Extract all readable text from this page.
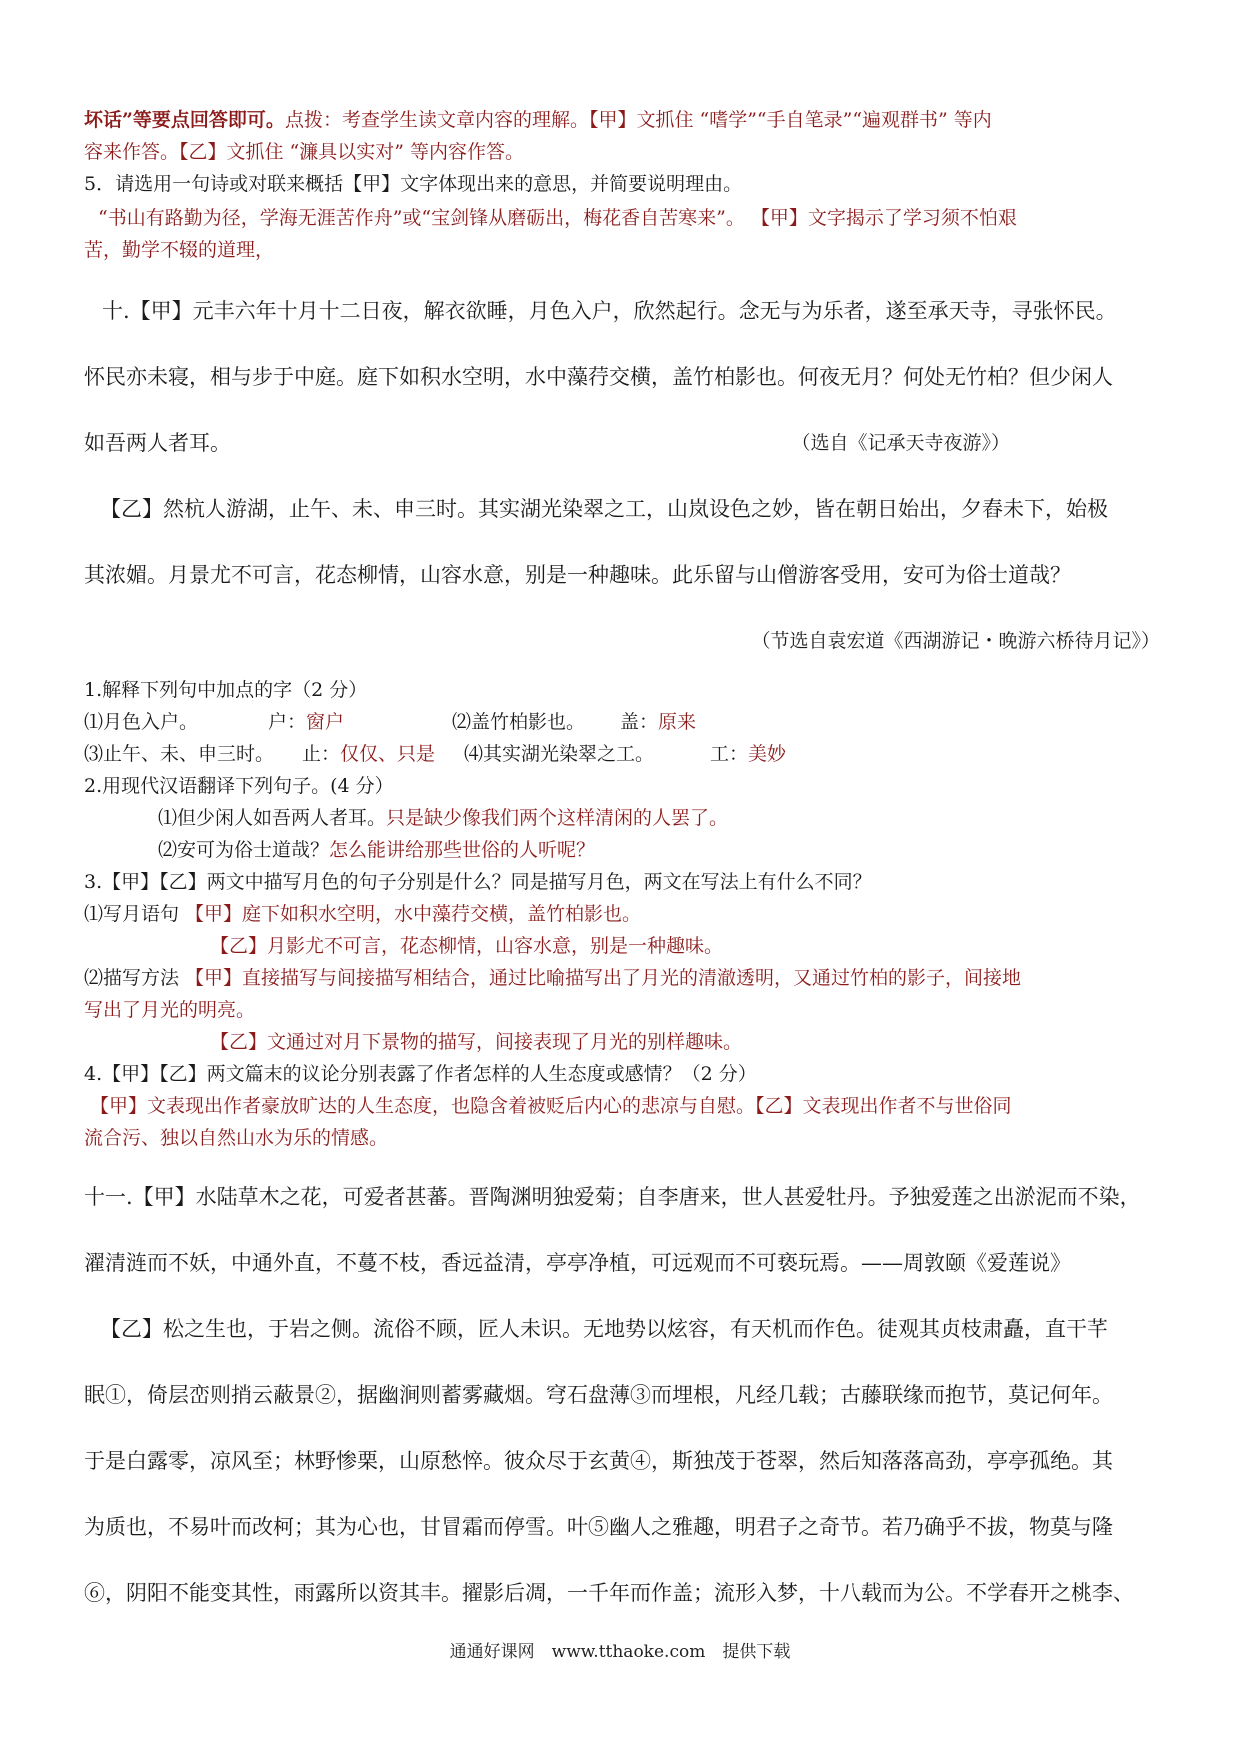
坏话”等要点回答即可。点拨：考查学生读文章内容的理解。【甲】文抓住 “嗜学”“手自笔录”“遍观群书” 等内
容来作答。【乙】文抓住 “濂具以实对” 等内容作答。
5．请选用一句诗或对联来概括【甲】文字体现出来的意思，并简要说明理由。
“书山有路勤为径，学海无涯苦作舟”或“宝剑锋从磨砺出，梅花香自苦寒来”。 【甲】文字揭示了学习须不怕艰
苦，勤学不辍的道理，
十.【甲】元丰六年十月十二日夜，解衣欲睡，月色入户，欣然起行。念无与为乐者，遂至承天寺，寻张怀民。
怀民亦未寝，相与步于中庭。庭下如积水空明，水中藻荇交横，盖竹柏影也。何夜无月？何处无竹柏？但少闲人
如吾两人者耳。	（选自《记承天寺夜游》）
【乙】然杭人游湖，止午、未、申三时。其实湖光染翠之工，山岚设色之妙，皆在朝日始出，夕舂未下，始极
其浓媚。月景尤不可言，花态柳情，山容水意，别是一种趣味。此乐留与山僧游客受用，安可为俗士道哉？
（节选自袁宏道《西湖游记・晚游六桥待月记》）
1.解释下列句中加点的字（2 分）
⑴月色入户。	户： 窗户	⑵盖竹柏影也。	盖： 原来
⑶止午、未、申三时。	止： 仅仅、只是	⑷其实湖光染翠之工。	工： 美妙
2.用现代汉语翻译下列句子。(4 分）
⑴但少闲人如吾两人者耳。只是缺少像我们两个这样清闲的人罢了。
⑵安可为俗士道哉？怎么能讲给那些世俗的人听呢？
3.【甲】【乙】两文中描写月色的句子分别是什么？同是描写月色，两文在写法上有什么不同？
⑴写月语句 【甲】庭下如积水空明，水中藻荇交横，盖竹柏影也。
【乙】月影尤不可言，花态柳情，山容水意，别是一种趣味。
⑵描写方法 【甲】直接描写与间接描写相结合，通过比喻描写出了月光的清澈透明，又通过竹柏的影子，间接地
写出了月光的明亮。
【乙】文通过对月下景物的描写，间接表现了月光的别样趣味。
4.【甲】【乙】两文篇末的议论分别表露了作者怎样的人生态度或感情？（2 分）
【甲】文表现出作者豪放旷达的人生态度，也隐含着被贬后内心的悲凉与自慰。【乙】文表现出作者不与世俗同
流合污、独以自然山水为乐的情感。
十一.【甲】水陆草木之花，可爱者甚蕃。晋陶渊明独爱菊；自李唐来，世人甚爱牡丹。予独爱莲之出淤泥而不染，
濯清涟而不妖，中通外直，不蔓不枝，香远益清，亭亭净植，可远观而不可亵玩焉。——周敦颐《爱莲说》
【乙】松之生也，于岩之侧。流俗不顾，匠人未识。无地势以炫容，有天机而作色。徒观其贞枝肃矗，直干芊
眠①，倚层峦则捎云蔽景②，据幽涧则蓄雾藏烟。穹石盘薄③而埋根，凡经几载；古藤联缘而抱节，莫记何年。
于是白露零，凉风至；林野惨栗，山原愁悴。彼众尽于玄黄④，斯独茂于苍翠，然后知落落高劲，亭亭孤绝。其
为质也，不易叶而改柯；其为心也，甘冒霜而停雪。叶⑤幽人之雅趣，明君子之奇节。若乃确乎不拔，物莫与隆
⑥，阴阳不能变其性，雨露所以资其丰。擢影后凋，一千年而作盖；流形入梦，十八载而为公。不学春开之桃李、
通通好课网　www.tthaoke.com　提供下载
